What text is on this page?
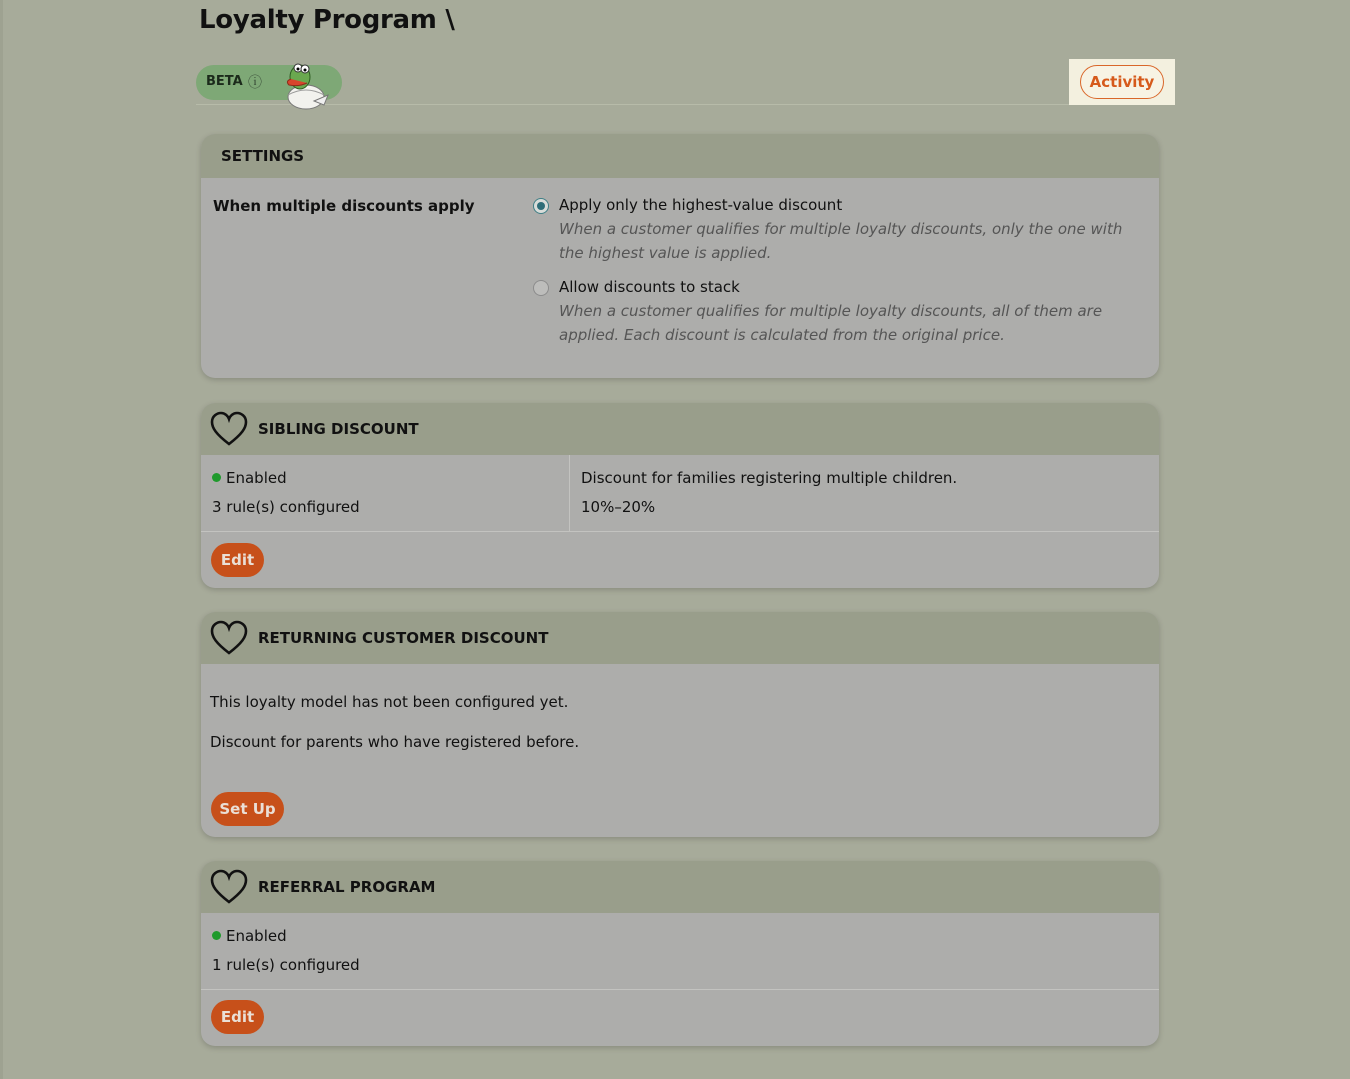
Loyalty Program \
BETA ⓘ	Activity
SETTINGS
When multiple discounts apply	Apply only the highest-value discount
When a customer qualifies for multiple loyalty discounts, only the one with
the highest value is applied.
Allow discounts to stack
When a customer qualifies for multiple loyalty discounts, all of them are
applied. Each discount is calculated from the original price.
SIBLING DISCOUNT
Enabled
3 rule(s) configured
Discount for families registering multiple children.
10%–20%
Edit
RETURNING CUSTOMER DISCOUNT
This loyalty model has not been configured yet.
Discount for parents who have registered before.
Set Up
REFERRAL PROGRAM
Enabled
1 rule(s) configured
Edit
